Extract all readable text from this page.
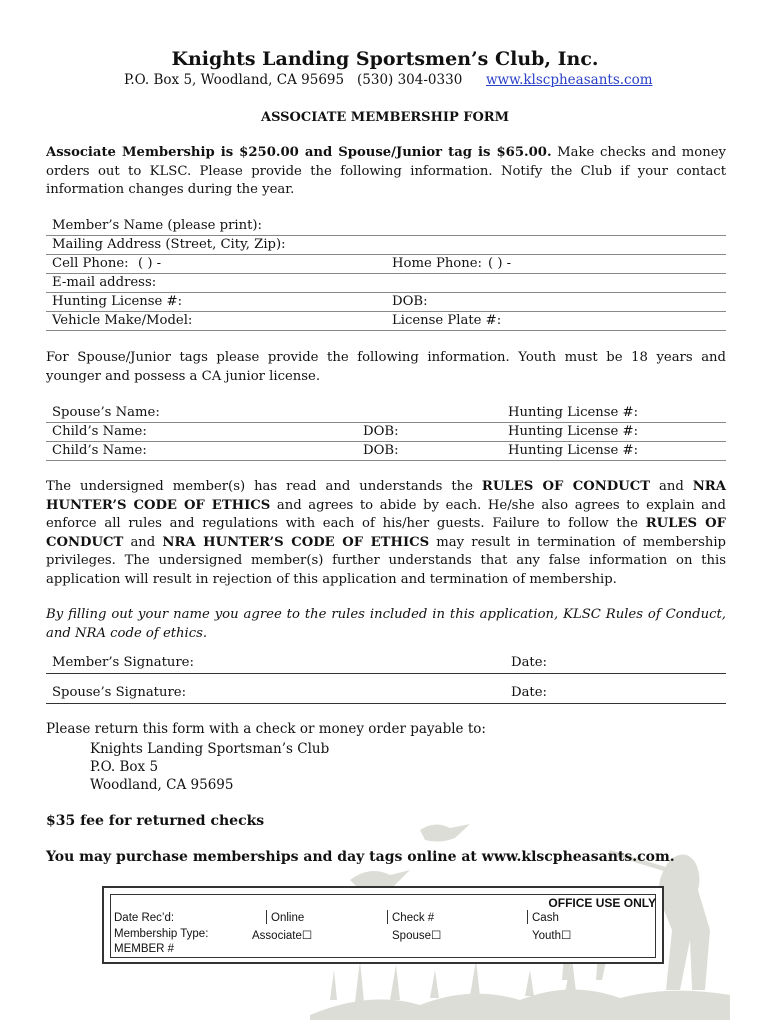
Knights Landing Sportsmen’s Club, Inc.
P.O. Box 5, Woodland, CA 95695 (530) 304-0330 www.klscpheasants.com
ASSOCIATE MEMBERSHIP FORM
Associate Membership is $250.00 and Spouse/Junior tag is $65.00. Make checks and money orders out to KLSC. Please provide the following information. Notify the Club if your contact information changes during the year.
Member’s Name (please print):
Mailing Address (Street, City, Zip):
Cell Phone: ( ) -	Home Phone: ( ) -
E-mail address:
Hunting License #:	DOB:
Vehicle Make/Model:	License Plate #:
For Spouse/Junior tags please provide the following information. Youth must be 18 years and younger and possess a CA junior license.
Spouse’s Name:	Hunting License #:
Child’s Name:	DOB:	Hunting License #:
Child’s Name:	DOB:	Hunting License #:
The undersigned member(s) has read and understands the RULES OF CONDUCT and NRA HUNTER’S CODE OF ETHICS and agrees to abide by each. He/she also agrees to explain and enforce all rules and regulations with each of his/her guests. Failure to follow the RULES OF CONDUCT and NRA HUNTER’S CODE OF ETHICS may result in termination of membership privileges. The undersigned member(s) further understands that any false information on this application will result in rejection of this application and termination of membership.
By filling out your name you agree to the rules included in this application, KLSC Rules of Conduct, and NRA code of ethics.
Member’s Signature:	Date:
Spouse’s Signature:	Date:
Please return this form with a check or money order payable to:
Knights Landing Sportsman’s Club
P.O. Box 5
Woodland, CA 95695
$35 fee for returned checks
You may purchase memberships and day tags online at www.klscpheasants.com.
OFFICE USE ONLY
Date Rec’d:	Online	Check #	Cash
Membership Type:	Associate☐	Spouse☐	Youth☐
MEMBER #
